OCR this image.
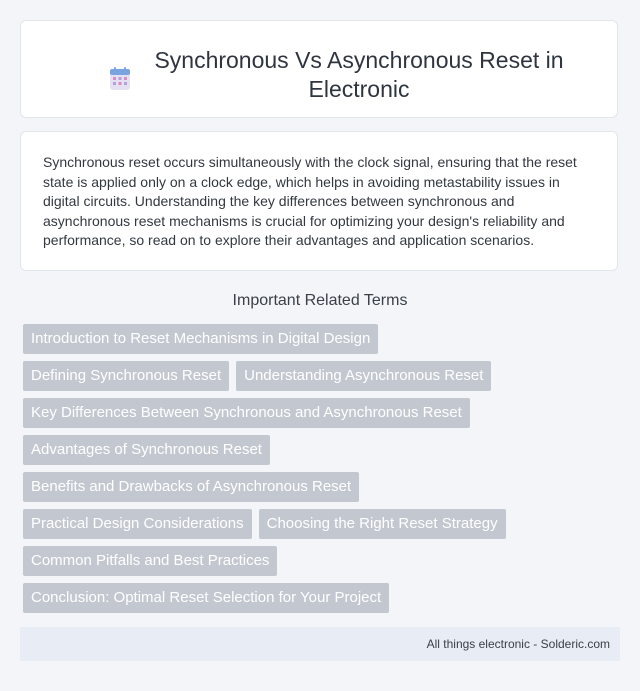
Synchronous Vs Asynchronous Reset in Electronic

Synchronous reset occurs simultaneously with the clock signal, ensuring that the reset state is applied only on a clock edge, which helps in avoiding metastability issues in digital circuits. Understanding the key differences between synchronous and asynchronous reset mechanisms is crucial for optimizing your design's reliability and performance, so read on to explore their advantages and application scenarios.

Important Related Terms
Introduction to Reset Mechanisms in Digital Design
Defining Synchronous Reset	Understanding Asynchronous Reset
Key Differences Between Synchronous and Asynchronous Reset
Advantages of Synchronous Reset
Benefits and Drawbacks of Asynchronous Reset
Practical Design Considerations	Choosing the Right Reset Strategy
Common Pitfalls and Best Practices
Conclusion: Optimal Reset Selection for Your Project
All things electronic - Solderic.com
